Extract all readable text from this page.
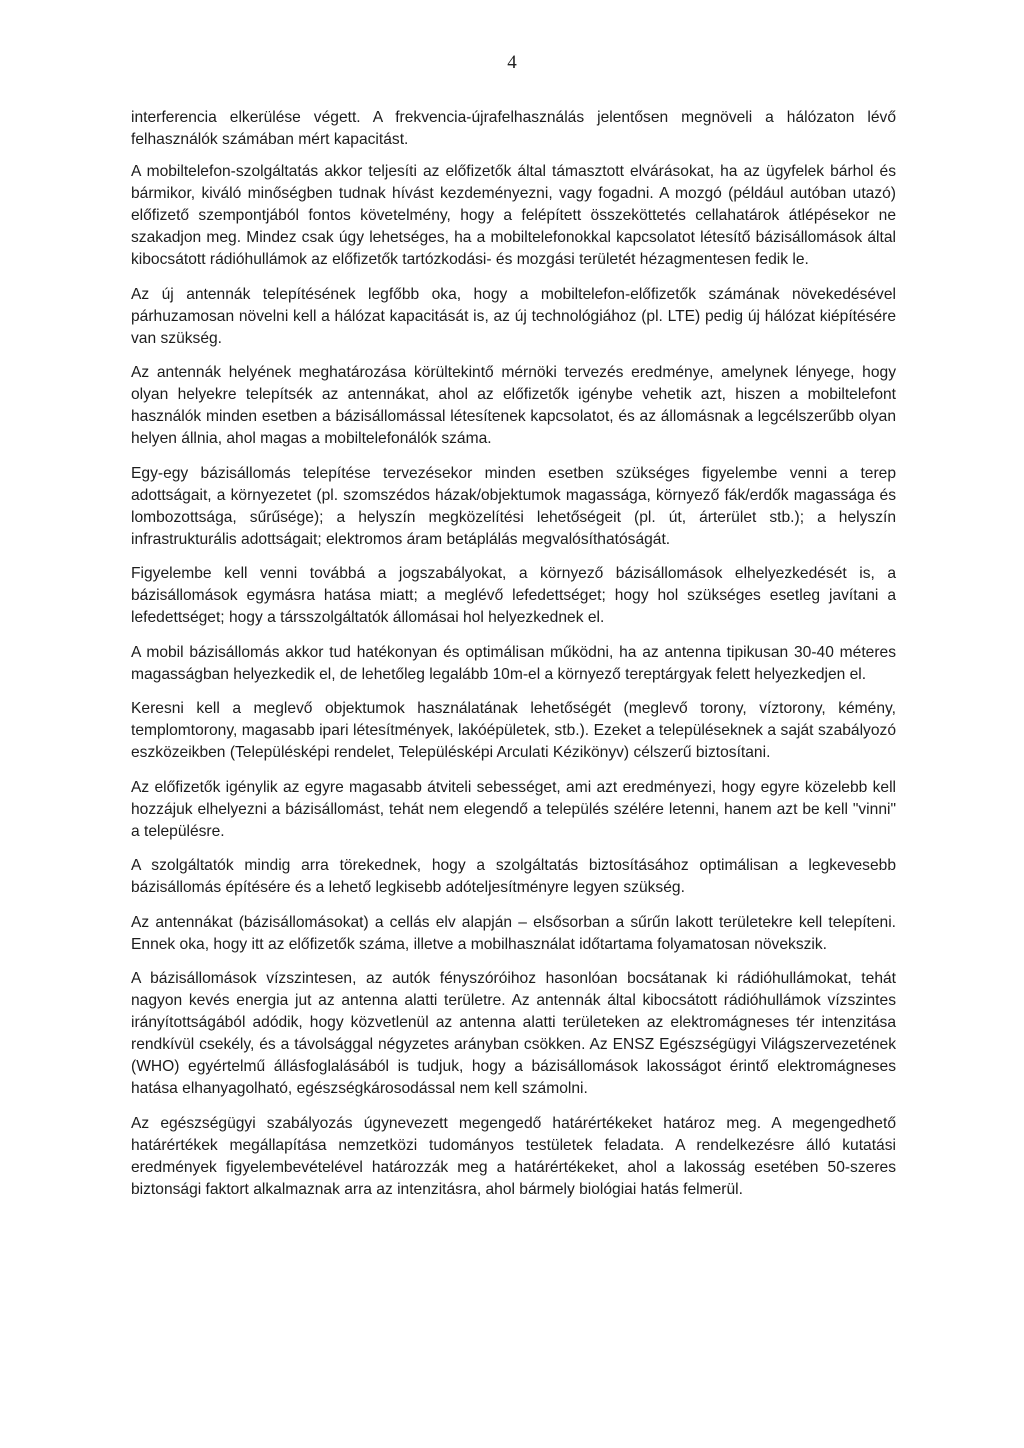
4

interferencia elkerülése végett. A frekvencia-újrafelhasználás jelentősen megnöveli a hálózaton lévő felhasználók számában mért kapacitást.

A mobiltelefon-szolgáltatás akkor teljesíti az előfizetők által támasztott elvárásokat, ha az ügyfelek bárhol és bármikor, kiváló minőségben tudnak hívást kezdeményezni, vagy fogadni. A mozgó (például autóban utazó) előfizető szempontjából fontos követelmény, hogy a felépített összeköttetés cellahatárok átlépésekor ne szakadjon meg. Mindez csak úgy lehetséges, ha a mobiltelefonokkal kapcsolatot létesítő bázisállomások által kibocsátott rádióhullámok az előfizetők tartózkodási- és mozgási területét hézagmentesen fedik le.

Az új antennák telepítésének legfőbb oka, hogy a mobiltelefon-előfizetők számának növekedésével párhuzamosan növelni kell a hálózat kapacitását is, az új technológiához (pl. LTE) pedig új hálózat kiépítésére van szükség.

Az antennák helyének meghatározása körültekintő mérnöki tervezés eredménye, amelynek lényege, hogy olyan helyekre telepítsék az antennákat, ahol az előfizetők igénybe vehetik azt, hiszen a mobiltelefont használók minden esetben a bázisállomással létesítenek kapcsolatot, és az állomásnak a legcélszerűbb olyan helyen állnia, ahol magas a mobiltelefonálók száma.

Egy-egy bázisállomás telepítése tervezésekor minden esetben szükséges figyelembe venni a terep adottságait, a környezetet (pl. szomszédos házak/objektumok magassága, környező fák/erdők magassága és lombozottsága, sűrűsége); a helyszín megközelítési lehetőségeit (pl. út, árterület stb.); a helyszín infrastrukturális adottságait; elektromos áram betáplálás megvalósíthatóságát.

Figyelembe kell venni továbbá a jogszabályokat, a környező bázisállomások elhelyezkedését is, a bázisállomások egymásra hatása miatt; a meglévő lefedettséget; hogy hol szükséges esetleg javítani a lefedettséget; hogy a társszolgáltatók állomásai hol helyezkednek el.

A mobil bázisállomás akkor tud hatékonyan és optimálisan működni, ha az antenna tipikusan 30-40 méteres magasságban helyezkedik el, de lehetőleg legalább 10m-el a környező tereptárgyak felett helyezkedjen el.

Keresni kell a meglevő objektumok használatának lehetőségét (meglevő torony, víztorony, kémény, templomtorony, magasabb ipari létesítmények, lakóépületek, stb.). Ezeket a településeknek a saját szabályozó eszközeikben (Településképi rendelet, Településképi Arculati Kézikönyv) célszerű biztosítani.

Az előfizetők igénylik az egyre magasabb átviteli sebességet, ami azt eredményezi, hogy egyre közelebb kell hozzájuk elhelyezni a bázisállomást, tehát nem elegendő a település szélére letenni, hanem azt be kell "vinni" a településre.

A szolgáltatók mindig arra törekednek, hogy a szolgáltatás biztosításához optimálisan a legkevesebb bázisállomás építésére és a lehető legkisebb adóteljesítményre legyen szükség.

Az antennákat (bázisállomásokat) a cellás elv alapján – elsősorban a sűrűn lakott területekre kell telepíteni. Ennek oka, hogy itt az előfizetők száma, illetve a mobilhasználat időtartama folyamatosan növekszik.

A bázisállomások vízszintesen, az autók fényszóróihoz hasonlóan bocsátanak ki rádióhullámokat, tehát nagyon kevés energia jut az antenna alatti területre. Az antennák által kibocsátott rádióhullámok vízszintes irányítottságából adódik, hogy közvetlenül az antenna alatti területeken az elektromágneses tér intenzitása rendkívül csekély, és a távolsággal négyzetes arányban csökken. Az ENSZ Egészségügyi Világszervezetének (WHO) egyértelmű állásfoglalásából is tudjuk, hogy a bázisállomások lakosságot érintő elektromágneses hatása elhanyagolható, egészségkárosodással nem kell számolni.

Az egészségügyi szabályozás úgynevezett megengedő határértékeket határoz meg. A megengedhető határértékek megállapítása nemzetközi tudományos testületek feladata. A rendelkezésre álló kutatási eredmények figyelembevételével határozzák meg a határértékeket, ahol a lakosság esetében 50-szeres biztonsági faktort alkalmaznak arra az intenzitásra, ahol bármely biológiai hatás felmerül.
